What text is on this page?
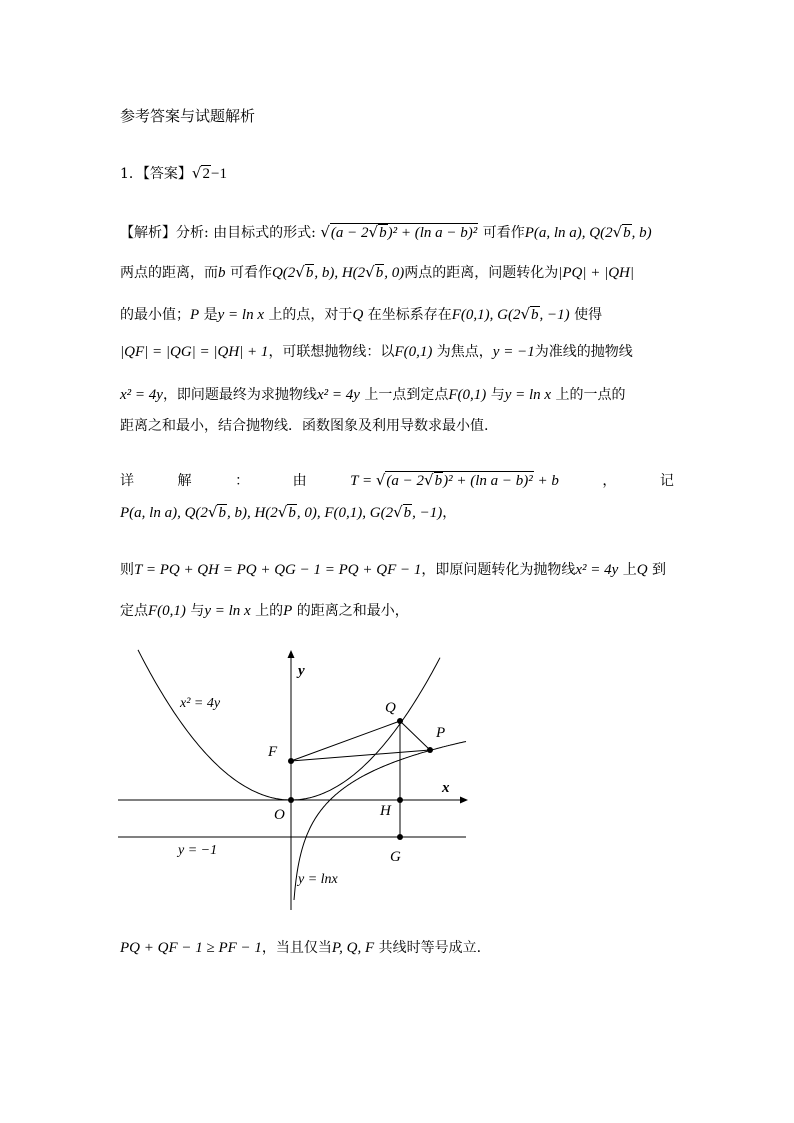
参考答案与试题解析
1．【答案】√2−1
【解析】分析: 由目标式的形式: √(a − 2√b)² + (ln a − b)² 可看作P(a, ln a), Q(2√b, b)
两点的距离，而b 可看作Q(2√b, b), H(2√b, 0)两点的距离，问题转化为|PQ| + |QH|
的最小值；P 是y = ln x 上的点，对于Q 在坐标系存在F(0,1), G(2√b, −1) 使得
|QF| = |QG| = |QH| + 1，可联想抛物线：以F(0,1) 为焦点，y = −1为准线的抛物线
x² = 4y，即问题最终为求抛物线x² = 4y 上一点到定点F(0,1) 与y = ln x 上的一点的
距离之和最小，结合抛物线．函数图象及利用导数求最小值.
详	解	：	由	T = √(a − 2√b)² + (ln a − b)² + b	，	记
P(a, ln a), Q(2√b, b), H(2√b, 0), F(0,1), G(2√b, −1)，
则T = PQ + QH = PQ + QG − 1 = PQ + QF − 1，即原问题转化为抛物线x² = 4y 上Q 到
定点F(0,1) 与y = ln x 上的P 的距离之和最小，
y
x
x² = 4y
y = −1
y = lnx
Q
P
F
O	H
G
PQ + QF − 1 ≥ PF − 1，当且仅当P, Q, F 共线时等号成立.
